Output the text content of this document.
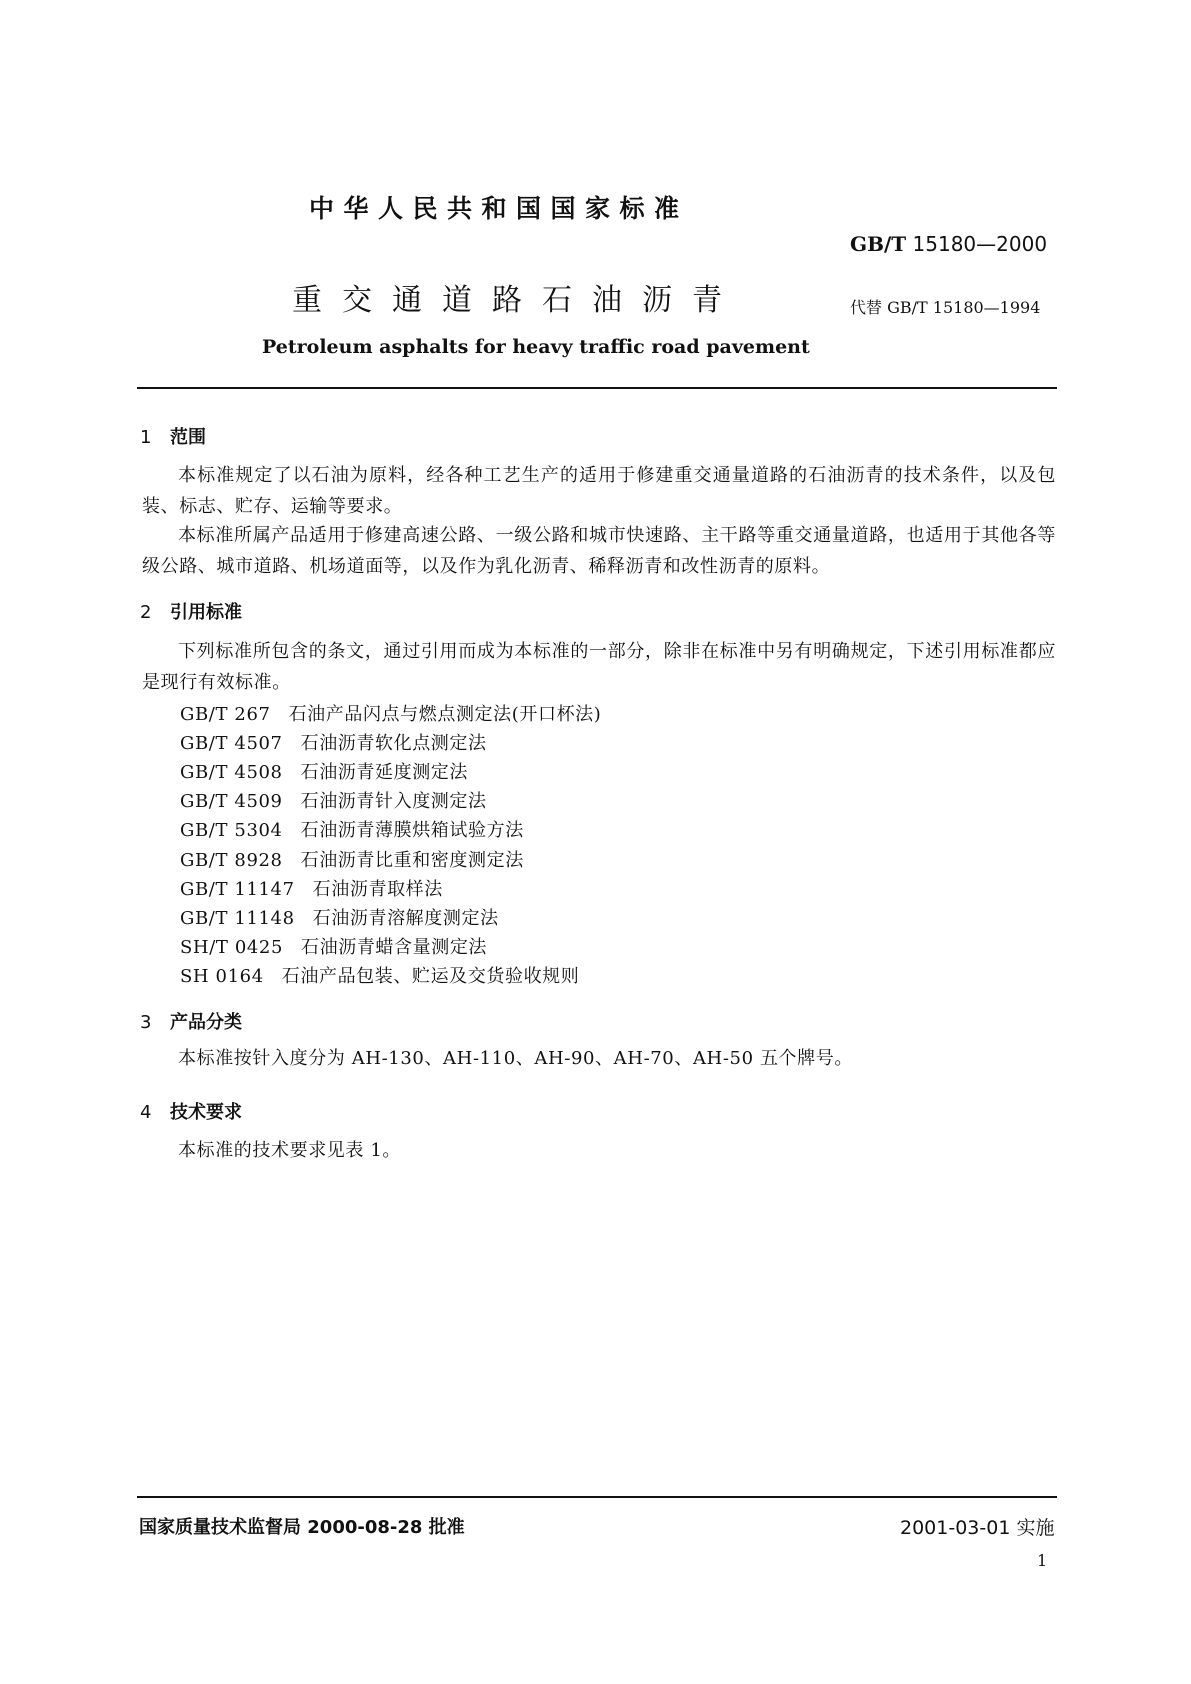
中华人民共和国国家标准
GB/T 15180—2000
重交通道路石油沥青	代替 GB/T 15180—1994
Petroleum asphalts for heavy traffic road pavement
1 范围
本标准规定了以石油为原料，经各种工艺生产的适用于修建重交通量道路的石油沥青的技术条件，以及包装、标志、贮存、运输等要求。
本标准所属产品适用于修建高速公路、一级公路和城市快速路、主干路等重交通量道路，也适用于其他各等级公路、城市道路、机场道面等，以及作为乳化沥青、稀释沥青和改性沥青的原料。
2 引用标准
下列标准所包含的条文，通过引用而成为本标准的一部分，除非在标准中另有明确规定，下述引用标准都应是现行有效标准。
GB/T 267 石油产品闪点与燃点测定法(开口杯法)
GB/T 4507 石油沥青软化点测定法
GB/T 4508 石油沥青延度测定法
GB/T 4509 石油沥青针入度测定法
GB/T 5304 石油沥青薄膜烘箱试验方法
GB/T 8928 石油沥青比重和密度测定法
GB/T 11147 石油沥青取样法
GB/T 11148 石油沥青溶解度测定法
SH/T 0425 石油沥青蜡含量测定法
SH 0164 石油产品包装、贮运及交货验收规则
3 产品分类
本标准按针入度分为 AH-130、AH-110、AH-90、AH-70、AH-50 五个牌号。
4 技术要求
本标准的技术要求见表 1。
国家质量技术监督局 2000-08-28 批准	2001-03-01 实施
1
